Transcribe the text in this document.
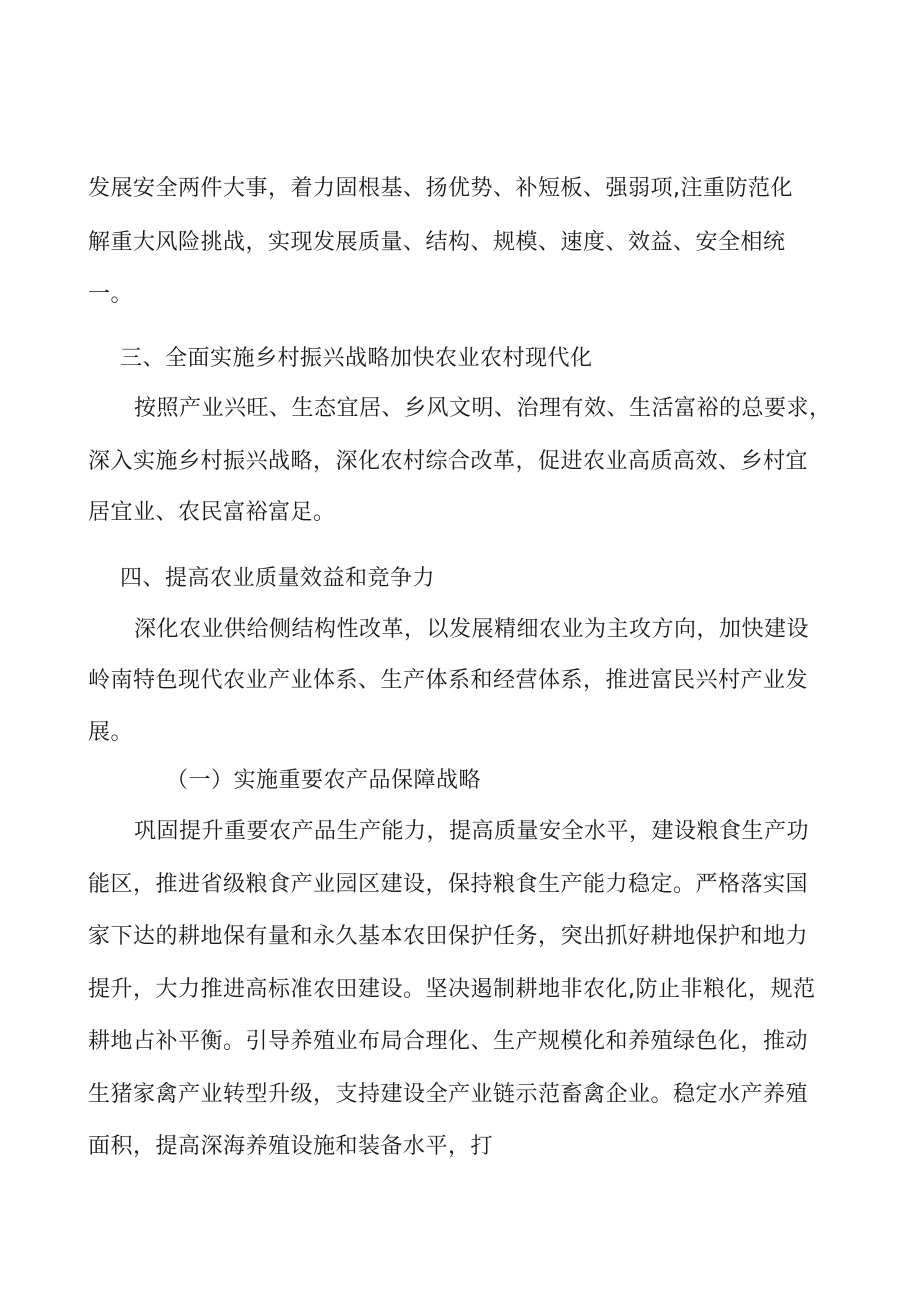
发展安全两件大事，着力固根基、扬优势、补短板、强弱项,注重防范化

解重大风险挑战，实现发展质量、结构、规模、速度、效益、安全相统

一。

三、全面实施乡村振兴战略加快农业农村现代化

按照产业兴旺、生态宜居、乡风文明、治理有效、生活富裕的总要求，

深入实施乡村振兴战略，深化农村综合改革，促进农业高质高效、乡村宜

居宜业、农民富裕富足。

四、提高农业质量效益和竞争力

深化农业供给侧结构性改革，以发展精细农业为主攻方向，加快建设

岭南特色现代农业产业体系、生产体系和经营体系，推进富民兴村产业发

展。

（一）实施重要农产品保障战略

巩固提升重要农产品生产能力，提高质量安全水平，建设粮食生产功

能区，推进省级粮食产业园区建设，保持粮食生产能力稳定。严格落实国

家下达的耕地保有量和永久基本农田保护任务，突出抓好耕地保护和地力

提升，大力推进高标准农田建设。坚决遏制耕地非农化,防止非粮化，规范

耕地占补平衡。引导养殖业布局合理化、生产规模化和养殖绿色化，推动

生猪家禽产业转型升级，支持建设全产业链示范畜禽企业。稳定水产养殖

面积，提高深海养殖设施和装备水平，打
